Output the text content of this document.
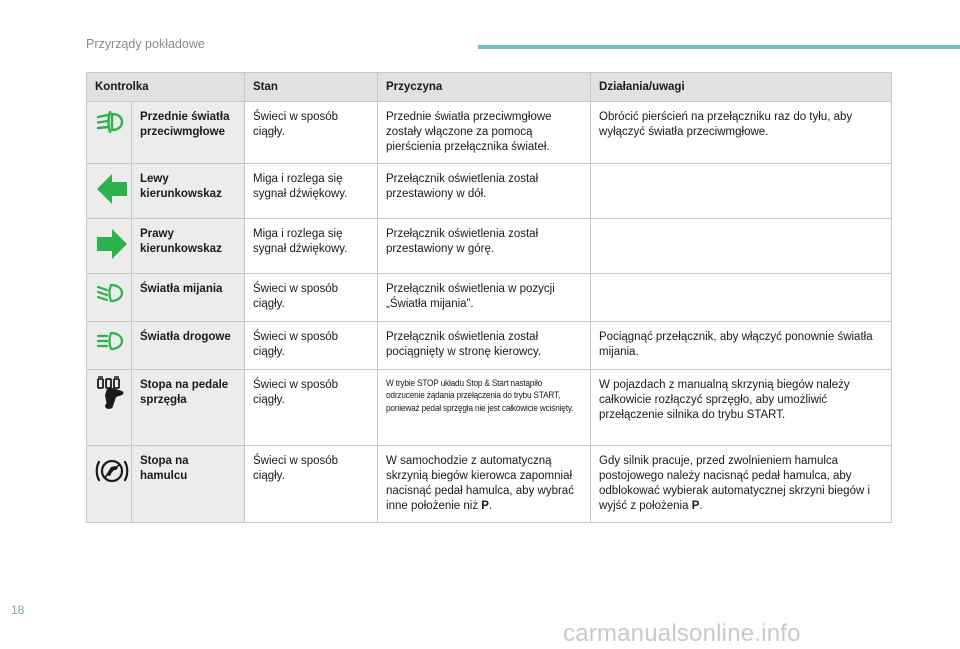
Przyrządy pokładowe
Kontrolka		Stan	Przyczyna	Działania/uwagi
	Przednie światła przeciwmgłowe	Świeci w sposób ciągły.	Przednie światła przeciwmgłowe zostały włączone za pomocą pierścienia przełącznika świateł.	Obrócić pierścień na przełączniku raz do tyłu, aby wyłączyć światła przeciwmgłowe.
	Lewy kierunkowskaz	Miga i rozlega się sygnał dźwiękowy.	Przełącznik oświetlenia został przestawiony w dół.	
	Prawy kierunkowskaz	Miga i rozlega się sygnał dźwiękowy.	Przełącznik oświetlenia został przestawiony w górę.	
	Światła mijania	Świeci w sposób ciągły.	Przełącznik oświetlenia w pozycji „Światła mijania”.	
	Światła drogowe	Świeci w sposób ciągły.	Przełącznik oświetlenia został pociągnięty w stronę kierowcy.	Pociągnąć przełącznik, aby włączyć ponownie światła mijania.
	Stopa na pedale sprzęgła	Świeci w sposób ciągły.	W trybie STOP układu Stop & Start nastąpiło odrzucenie żądania przełączenia do trybu START, ponieważ pedał sprzęgła nie jest całkowicie wciśnięty.	W pojazdach z manualną skrzynią biegów należy całkowicie rozłączyć sprzęgło, aby umożliwić przełączenie silnika do trybu START.
	Stopa na hamulcu	Świeci w sposób ciągły.	W samochodzie z automatyczną skrzynią biegów kierowca zapomniał nacisnąć pedał hamulca, aby wybrać inne położenie niż P.	Gdy silnik pracuje, przed zwolnieniem hamulca postojowego należy nacisnąć pedał hamulca, aby odblokować wybierak automatycznej skrzyni biegów i wyjść z położenia P.
18
carmanualsonline.info
